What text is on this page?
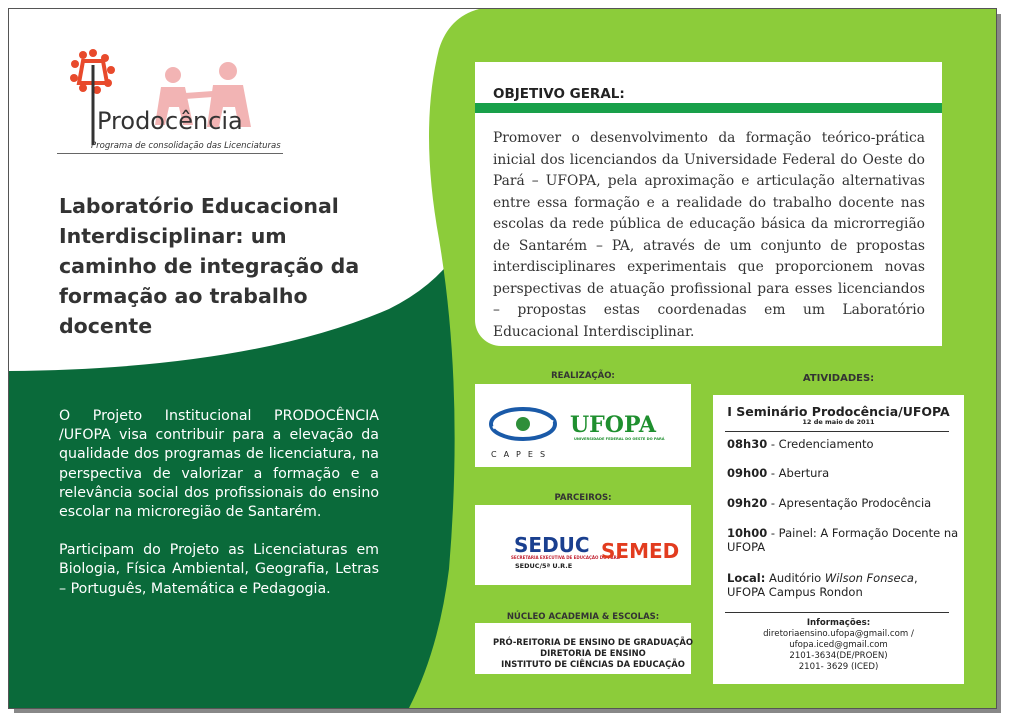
Prodocência
Programa de consolidação das Licenciaturas
Laboratório Educacional Interdisciplinar: um caminho de integração da formação ao trabalho docente

O Projeto Institucional PRODOCÊNCIA /UFOPA visa contribuir para a elevação da qualidade dos programas de licenciatura, na perspectiva de valorizar a formação e a relevância social dos profissionais do ensino escolar na microregião de Santarém.

Participam do Projeto as Licenciaturas em Biologia, Física Ambiental, Geografia, Letras – Português, Matemática e Pedagogia.

OBJETIVO GERAL:
Promover o desenvolvimento da formação teórico-prática inicial dos licenciandos da Universidade Federal do Oeste do Pará – UFOPA, pela aproximação e articulação alternativas entre essa formação e a realidade do trabalho docente nas escolas da rede pública de educação básica da microrregião de Santarém – PA, através de um conjunto de propostas interdisciplinares experimentais que proporcionem novas perspectivas de atuação profissional para esses licenciandos – propostas estas coordenadas em um Laboratório Educacional Interdisciplinar.
REALIZAÇÃO:
CAPES
UFOPA
UNIVERSIDADE FEDERAL DO OESTE DO PARÁ
PARCEIROS:
SEDUC
SECRETARIA EXECUTIVA DE EDUCAÇÃO DO PARÁ
SEDUC/5ª U.R.E
SEMED
NÚCLEO ACADEMIA & ESCOLAS:
PRÓ-REITORIA DE ENSINO DE GRADUAÇÃO
DIRETORIA DE ENSINO
INSTITUTO DE CIÊNCIAS DA EDUCAÇÃO
ATIVIDADES:
I Seminário Prodocência/UFOPA
12 de maio de 2011
08h30 - Credenciamento
09h00 - Abertura
09h20 - Apresentação Prodocência
10h00 - Painel: A Formação Docente na UFOPA
Local: Auditório Wilson Fonseca, UFOPA Campus Rondon
Informações:
diretoriaensino.ufopa@gmail.com /
ufopa.iced@gmail.com
2101-3634(DE/PROEN)
2101- 3629 (ICED)
